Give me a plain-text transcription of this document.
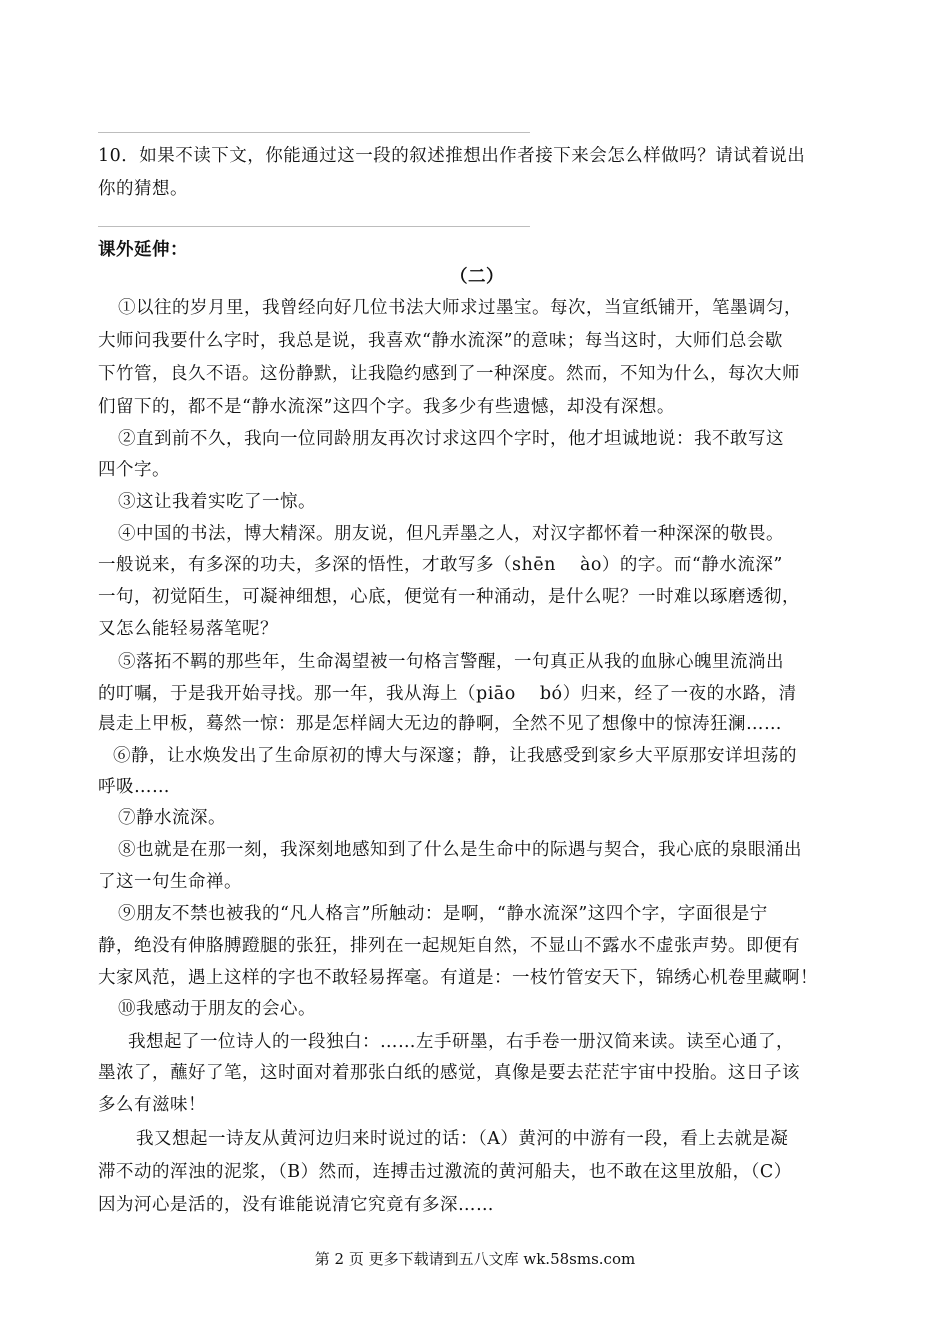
10．如果不读下文，你能通过这一段的叙述推想出作者接下来会怎么样做吗？请试着说出
你的猜想。
课外延伸：
（二）
①以往的岁月里，我曾经向好几位书法大师求过墨宝。每次，当宣纸铺开，笔墨调匀，
大师问我要什么字时，我总是说，我喜欢“静水流深”的意味；每当这时，大师们总会歇
下竹管，良久不语。这份静默，让我隐约感到了一种深度。然而，不知为什么，每次大师
们留下的，都不是“静水流深”这四个字。我多少有些遗憾，却没有深想。
②直到前不久，我向一位同龄朋友再次讨求这四个字时，他才坦诚地说：我不敢写这
四个字。
③这让我着实吃了一惊。
④中国的书法，博大精深。朋友说，但凡弄墨之人，对汉字都怀着一种深深的敬畏。
一般说来，有多深的功夫，多深的悟性，才敢写多（shēn　 ào）的字。而“静水流深”
一句，初觉陌生，可凝神细想，心底，便觉有一种涌动，是什么呢？一时难以琢磨透彻，
又怎么能轻易落笔呢？
⑤落拓不羁的那些年，生命渴望被一句格言警醒，一句真正从我的血脉心魄里流淌出
的叮嘱，于是我开始寻找。那一年，我从海上（piāo　 bó）归来，经了一夜的水路，清
晨走上甲板，蓦然一惊：那是怎样阔大无边的静啊，全然不见了想像中的惊涛狂澜……
⑥静，让水焕发出了生命原初的博大与深邃；静，让我感受到家乡大平原那安详坦荡的
呼吸……
⑦静水流深。
⑧也就是在那一刻，我深刻地感知到了什么是生命中的际遇与契合，我心底的泉眼涌出
了这一句生命禅。
⑨朋友不禁也被我的“凡人格言”所触动：是啊，“静水流深”这四个字，字面很是宁
静，绝没有伸胳膊蹬腿的张狂，排列在一起规矩自然，不显山不露水不虚张声势。即便有
大家风范，遇上这样的字也不敢轻易挥毫。有道是：一枝竹管安天下，锦绣心机卷里藏啊！
⑩我感动于朋友的会心。
我想起了一位诗人的一段独白：……左手研墨，右手卷一册汉简来读。读至心通了，
墨浓了，蘸好了笔，这时面对着那张白纸的感觉，真像是要去茫茫宇宙中投胎。这日子该
多么有滋味！
我又想起一诗友从黄河边归来时说过的话：（A）黄河的中游有一段，看上去就是凝
滞不动的浑浊的泥浆，（B）然而，连搏击过激流的黄河船夫，也不敢在这里放船，（C）
因为河心是活的，没有谁能说清它究竟有多深……
第 2 页 更多下载请到五八文库 wk.58sms.com
